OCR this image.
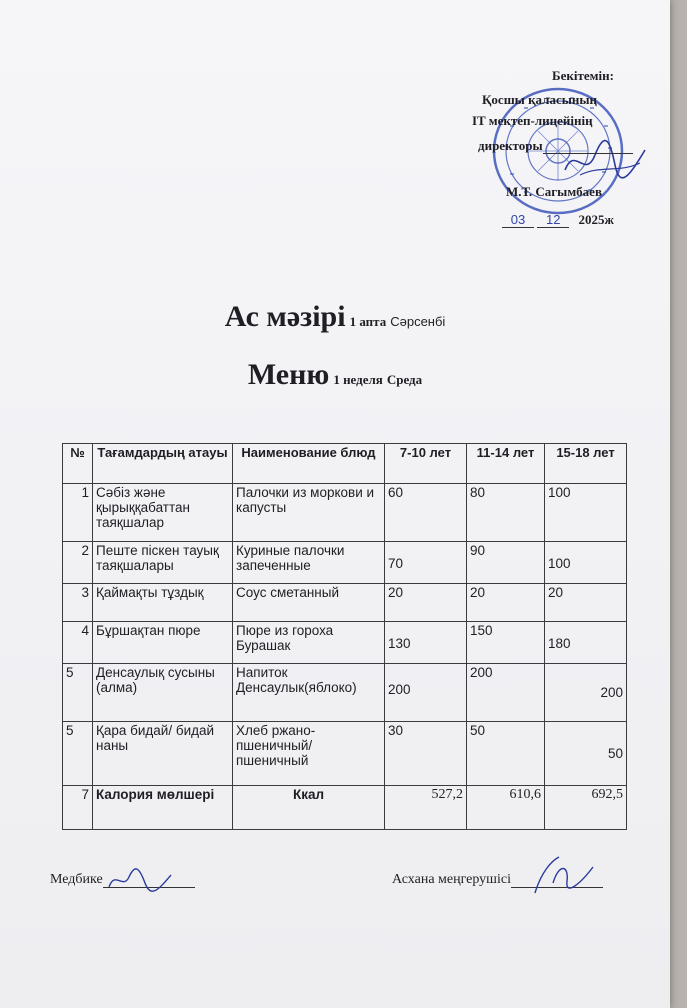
Бекітемін:
Қосшы қаласының
IT мектеп-лицейінің
директоры
М.Т. Сагымбаев
03 12 2025ж
Ас мәзірі 1 апта Сәрсенбі
Меню 1 неделя Среда
№	Тағамдардың атауы	Наименование блюд	7-10 лет	11-14 лет	15-18 лет
1	Сәбіз және қырыққабаттан таяқшалар	Палочки из моркови и капусты	60	80	100
2	Пеште піскен тауық таяқшалары	Куриные палочки запеченные	70	90	100
3	Қаймақты тұздық	Соус сметанный	20	20	20
4	Бұршақтан пюре	Пюре из гороха Бурашак	130	150	180
5	Денсаулық сусыны (алма)	Напиток Денсаулык(яблоко)	200	200	200
5	Қара бидай/ бидай наны	Хлеб ржано-пшеничный/ пшеничный	30	50	50
7	Калория мөлшері	Ккал	527,2	610,6	692,5
Медбике	Асхана меңгерушісі
